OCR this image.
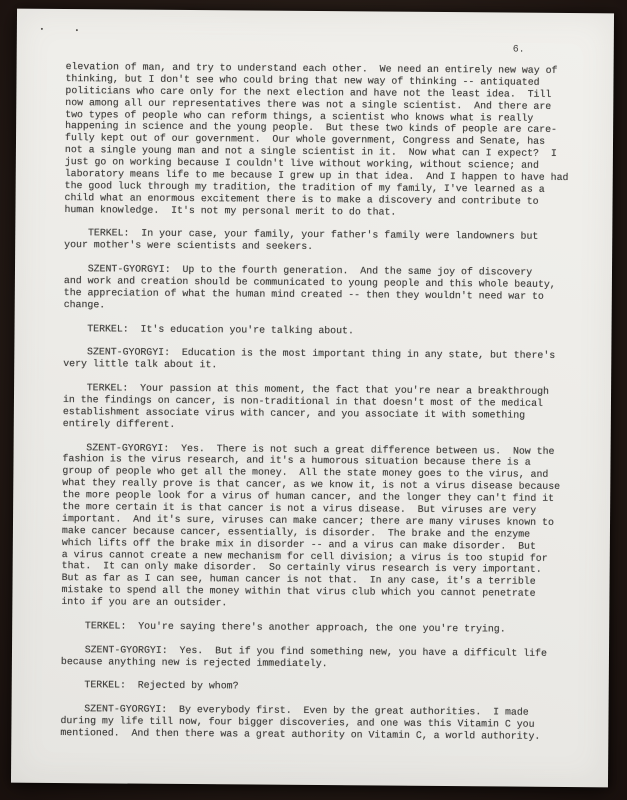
6.
elevation of man, and try to understand each other.  We need an entirely new way of
thinking, but I don't see who could bring that new way of thinking -- antiquated
politicians who care only for the next election and have not the least idea.  Till
now among all our representatives there was not a single scientist.  And there are
two types of people who can reform things, a scientist who knows what is really
happening in science and the young people.  But these two kinds of people are care-
fully kept out of our government.  Our whole government, Congress and Senate, has
not a single young man and not a single scientist in it.  Now what can I expect?  I
just go on working because I couldn't live without working, without science; and
laboratory means life to me because I grew up in that idea.  And I happen to have had
the good luck through my tradition, the tradition of my family, I've learned as a
child what an enormous excitement there is to make a discovery and contribute to
human knowledge.  It's not my personal merit to do that.
TERKEL:  In your case, your family, your father's family were landowners but
your mother's were scientists and seekers.
SZENT-GYORGYI:  Up to the fourth generation.  And the same joy of discovery
and work and creation should be communicated to young people and this whole beauty,
the appreciation of what the human mind created -- then they wouldn't need war to
change.
TERKEL:  It's education you're talking about.
SZENT-GYORGYI:  Education is the most important thing in any state, but there's
very little talk about it.
TERKEL:  Your passion at this moment, the fact that you're near a breakthrough
in the findings on cancer, is non-traditional in that doesn't most of the medical
establishment associate virus with cancer, and you associate it with something
entirely different.
SZENT-GYORGYI:  Yes.  There is not such a great difference between us.  Now the
fashion is the virus research, and it's a humorous situation because there is a
group of people who get all the money.  All the state money goes to the virus, and
what they really prove is that cancer, as we know it, is not a virus disease because
the more people look for a virus of human cancer, and the longer they can't find it
the more certain it is that cancer is not a virus disease.  But viruses are very
important.  And it's sure, viruses can make cancer; there are many viruses known to
make cancer because cancer, essentially, is disorder.  The brake and the enzyme
which lifts off the brake mix in disorder -- and a virus can make disorder.  But
a virus cannot create a new mechanism for cell division; a virus is too stupid for
that.  It can only make disorder.  So certainly virus research is very important.
But as far as I can see, human cancer is not that.  In any case, it's a terrible
mistake to spend all the money within that virus club which you cannot penetrate
into if you are an outsider.
TERKEL:  You're saying there's another approach, the one you're trying.
SZENT-GYORGYI:  Yes.  But if you find something new, you have a difficult life
because anything new is rejected immediately.
TERKEL:  Rejected by whom?
SZENT-GYORGYI:  By everybody first.  Even by the great authorities.  I made
during my life till now, four bigger discoveries, and one was this Vitamin C you
mentioned.  And then there was a great authority on Vitamin C, a world authority.
